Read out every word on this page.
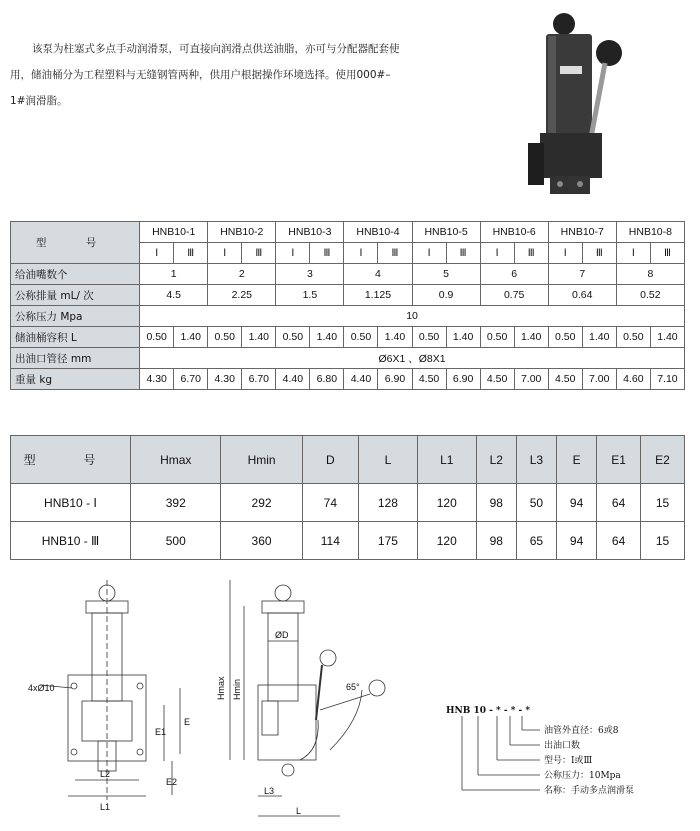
该泵为柱塞式多点手动润滑泵，可直接向润滑点供送油脂，亦可与分配器配套使

用，储油桶分为工程塑料与无缝钢管两种，供用户根据操作环境选择。使用000#–
1#润滑脂。
型 号	HNB10-1		HNB10-2		HNB10-3		HNB10-4		HNB10-5		HNB10-6		HNB10-7		HNB10-8	
	Ⅰ	Ⅲ	Ⅰ	Ⅲ	Ⅰ	Ⅲ	Ⅰ	Ⅲ	Ⅰ	Ⅲ	Ⅰ	Ⅲ	Ⅰ	Ⅲ	Ⅰ	Ⅲ
给油嘴数个	1		2		3		4		5		6		7		8	
公称排量 mL/ 次	4.5		2.25		1.5		1.125		0.9		0.75		0.64		0.52	
公称压力 Mpa	10															
储油桶容积 L	0.50	1.40	0.50	1.40	0.50	1.40	0.50	1.40	0.50	1.40	0.50	1.40	0.50	1.40	0.50	1.40
出油口管径 mm	Ø6X1 、Ø8X1															
重量 kg	4.30	6.70	4.30	6.70	4.40	6.80	4.40	6.90	4.50	6.90	4.50	7.00	4.50	7.00	4.60	7.10
型 号	Hmax	Hmin	D	L	L1	L2	L3	E	E1	E2
HNB10 - Ⅰ	392	292	74	128	120	98	50	94	64	15
HNB10 - Ⅲ	500	360	114	175	120	98	65	94	64	15
4xØ10
E1
E
E2
L2
L1
Hmax Hmin
ØD
65°
L3
L
HNB 10 - * - * - *
油管外直径：6或8
出油口数
型号：Ⅰ或Ⅲ
公称压力：10Mpa
名称：手动多点润滑泵
